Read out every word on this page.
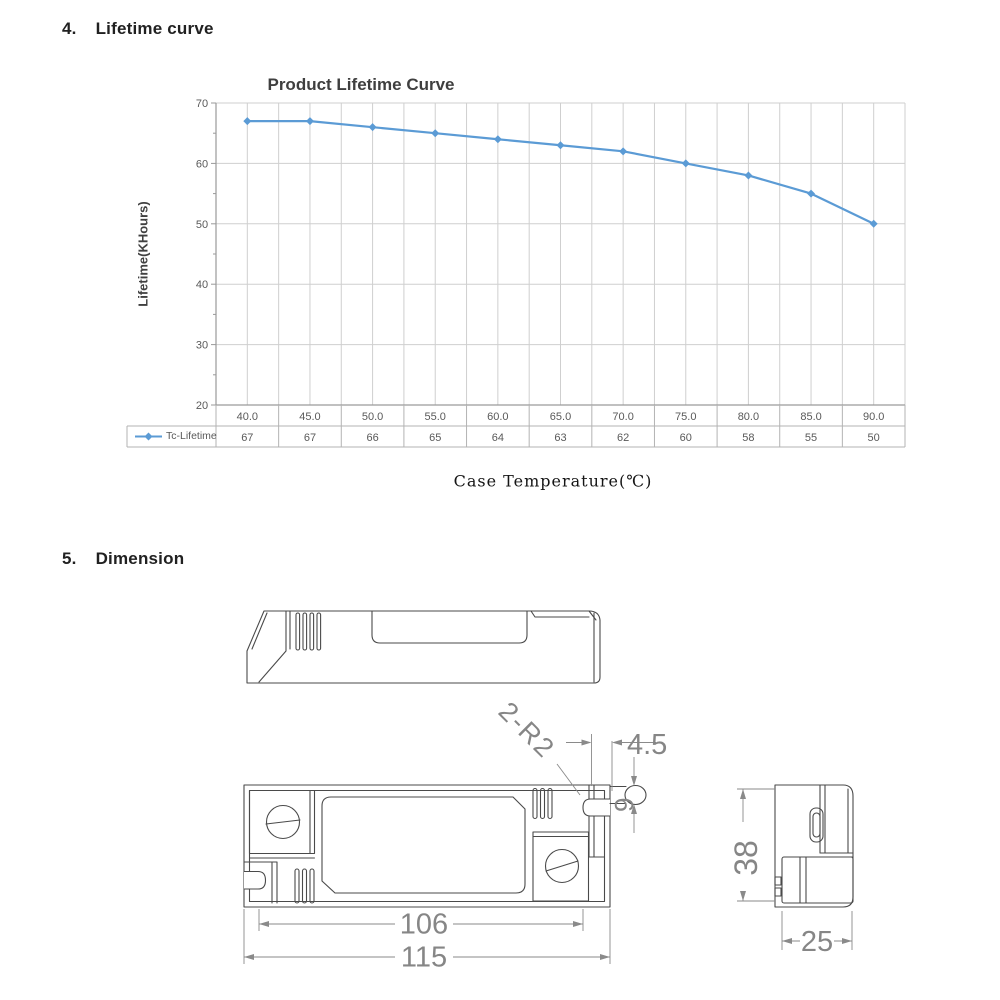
4. Lifetime curve
70
60
50
40
30
20
40.0
67
45.0
67
50.0
66
55.0
65
60.0
64
65.0
63
70.0
62
75.0
60
80.0
58
85.0
55
90.0
50
Product Lifetime Curve
Lifetime(KHours)
Tc-Lifetime
Case Temperature(℃)
5. Dimension
2-R2 4.5
9
106
115
38
25
